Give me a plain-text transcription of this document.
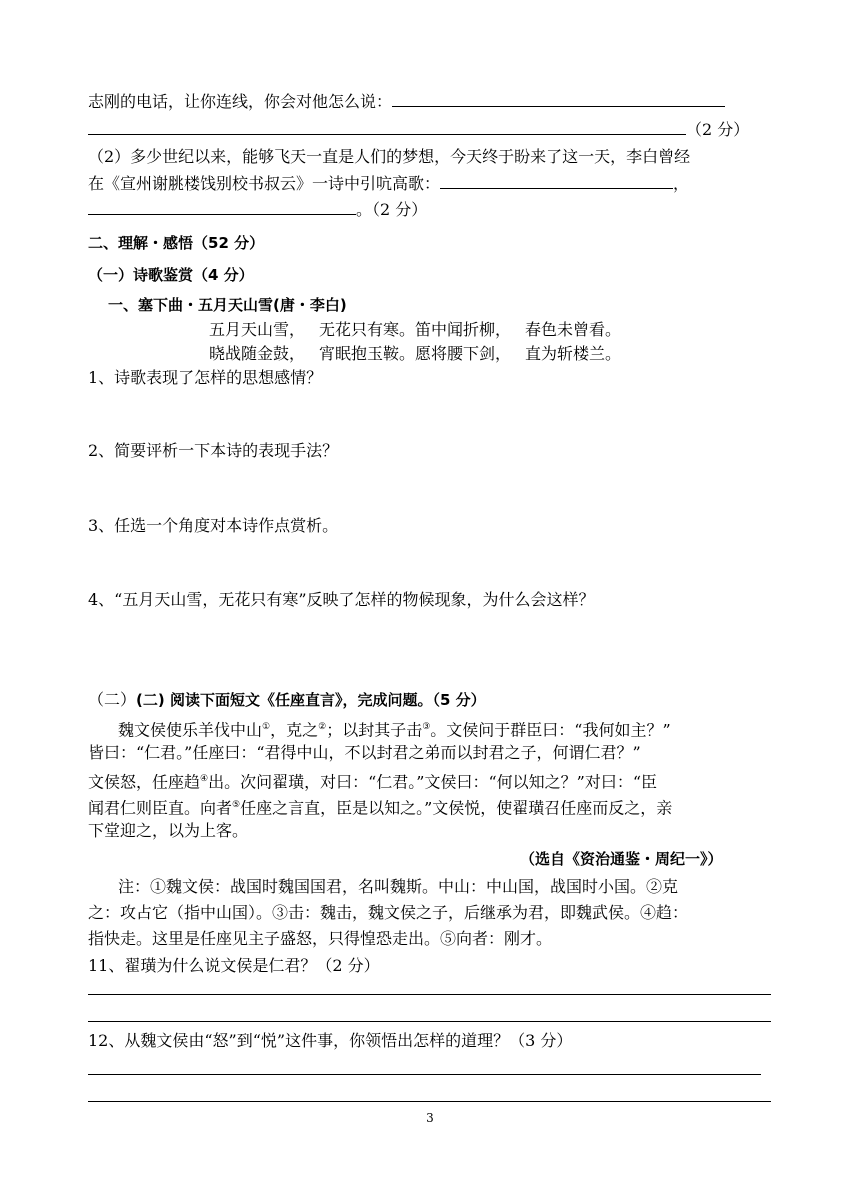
志刚的电话，让你连线，你会对他怎么说：
（2 分）
（2）多少世纪以来，能够飞天一直是人们的梦想，今天终于盼来了这一天，李白曾经
在《宣州谢脁楼饯别校书叔云》一诗中引吭高歌：	，
。（2 分）
二、理解・感悟（52 分）
（一）诗歌鉴赏（4 分）
一、塞下曲・五月天山雪(唐・李白)
五月天山雪， 无花只有寒。笛中闻折柳， 春色未曾看。
晓战随金鼓， 宵眠抱玉鞍。愿将腰下剑， 直为斩楼兰。
1、诗歌表现了怎样的思想感情？
2、简要评析一下本诗的表现手法？
3、任选一个角度对本诗作点赏析。
4、“五月天山雪，无花只有寒”反映了怎样的物候现象，为什么会这样？
（二）(二) 阅读下面短文《任座直言》，完成问题。（5 分）
魏文侯使乐羊伐中山①，克之②；以封其子击③。文侯问于群臣曰：“我何如主？”
皆曰：“仁君。”任座曰：“君得中山，不以封君之弟而以封君之子，何谓仁君？”
文侯怒，任座趋④出。次问翟璜，对曰：“仁君。”文侯曰：“何以知之？”对曰：“臣
闻君仁则臣直。向者⑤任座之言直，臣是以知之。”文侯悦，使翟璜召任座而反之，亲
下堂迎之，以为上客。
（选自《资治通鉴・周纪一》）
注：①魏文侯：战国时魏国国君，名叫魏斯。中山：中山国，战国时小国。②克
之：攻占它（指中山国）。③击：魏击，魏文侯之子，后继承为君，即魏武侯。④趋：
指快走。这里是任座见主子盛怒，只得惶恐走出。⑤向者：刚才。
11、翟璜为什么说文侯是仁君？（2 分）
12、从魏文侯由“怒”到“悦”这件事，你领悟出怎样的道理？（3 分）
3
